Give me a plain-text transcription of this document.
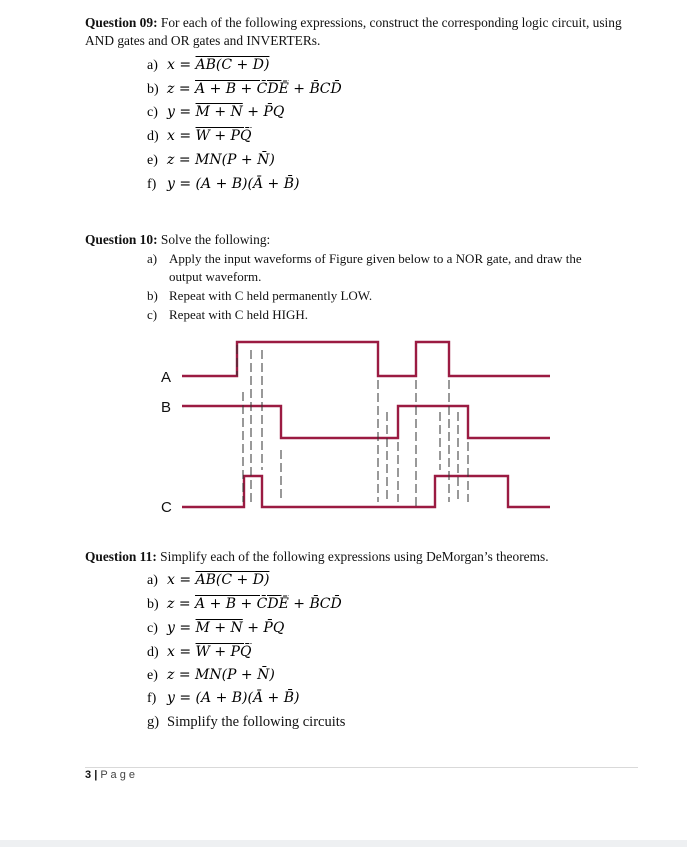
Question 09: For each of the following expressions, construct the corresponding logic circuit, using AND gates and OR gates and INVERTERs.
a) x = AB(C + D)
b) z = A + B + C̄DĒ + B̄CD̄
c) y = M + N + P̄Q
d) x = W + PQ̄
e) z = MN(P + N̄)
f) y = (A + B)(Ā + B̄)
Question 10: Solve the following:
a) Apply the input waveforms of Figure given below to a NOR gate, and draw the
output waveform.
b) Repeat with C held permanently LOW.
c) Repeat with C held HIGH.
A
B
C
Question 11: Simplify each of the following expressions using DeMorgan’s theorems.
a) x = AB(C + D)
b) z = A + B + C̄DĒ + B̄CD̄
c) y = M + N + P̄Q
d) x = W + PQ̄
e) z = MN(P + N̄)
f) y = (A + B)(Ā + B̄)
g) Simplify the following circuits
3 | P a g e
